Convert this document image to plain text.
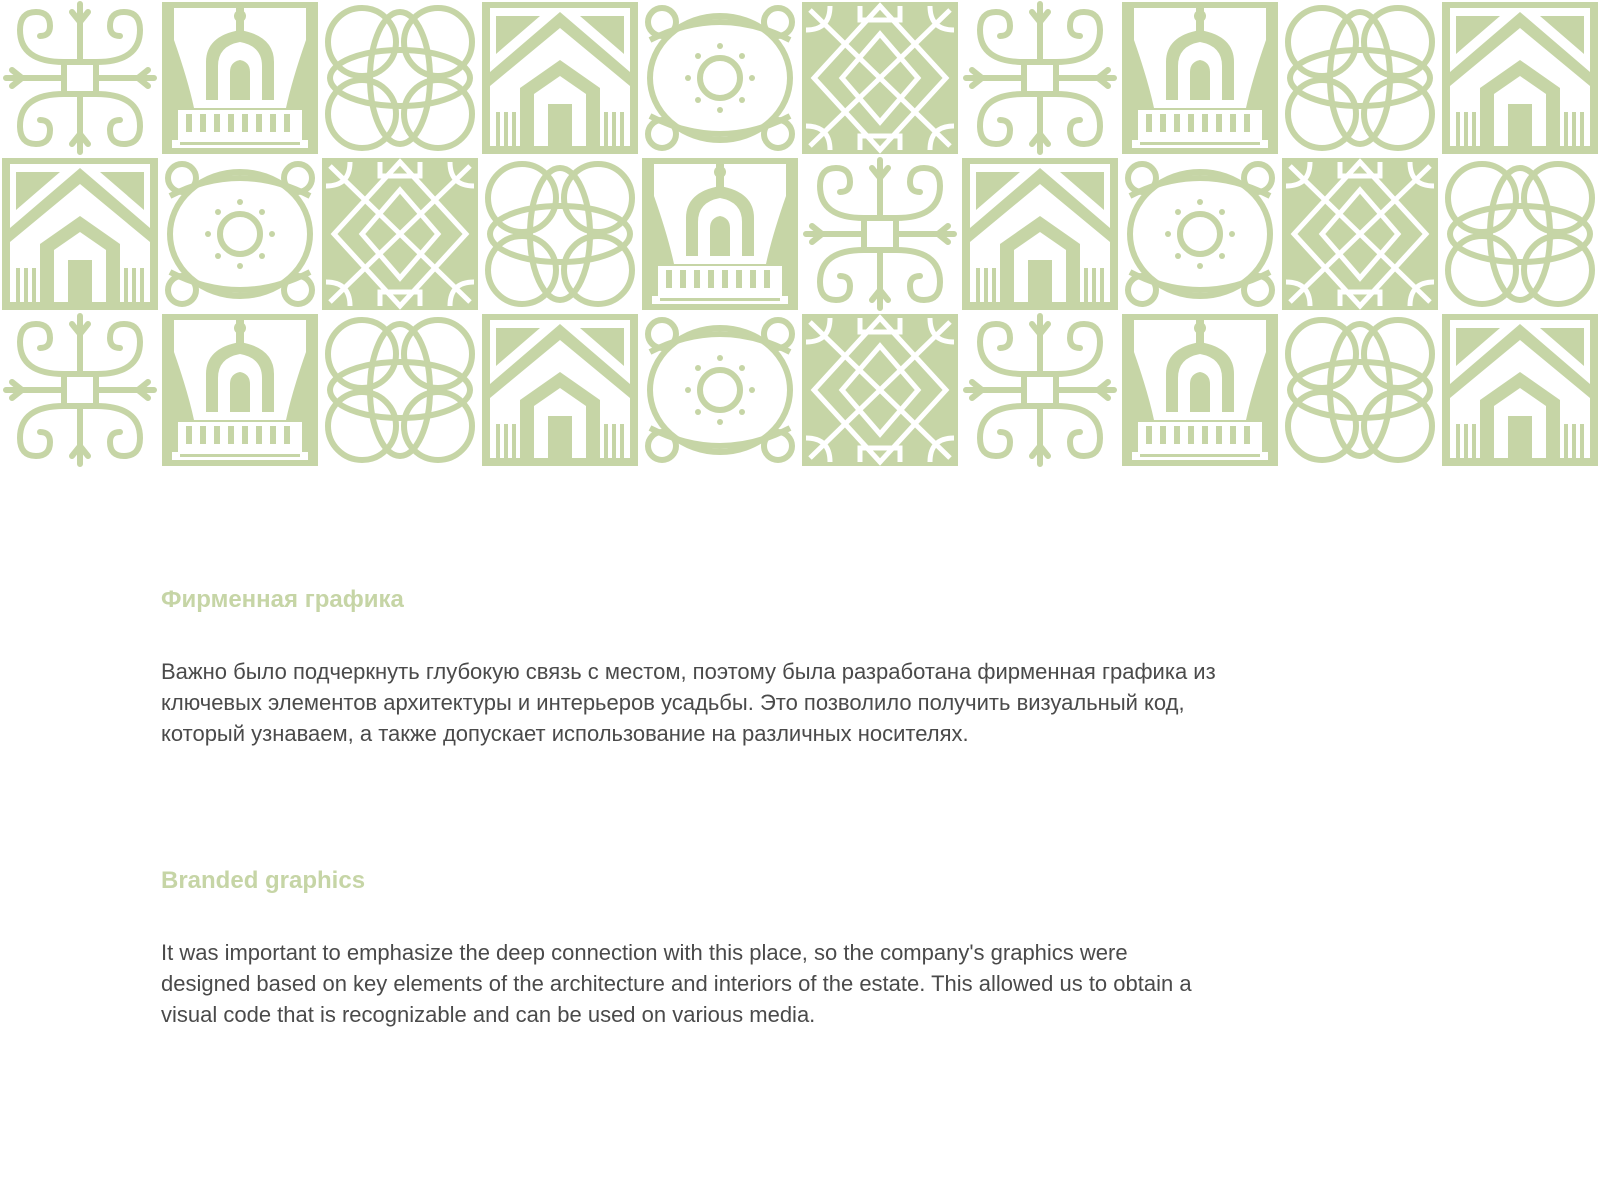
Фирменная графика

Важно было подчеркнуть глубокую связь с местом, поэтому была разработана фирменная графика из ключевых элементов архитектуры и интерьеров усадьбы. Это позволило получить визуальный код, который узнаваем, а также допускает использование на различных носителях.

Branded graphics

It was important to emphasize the deep connection with this place, so the company's graphics were designed based on key elements of the architecture and interiors of the estate. This allowed us to obtain a visual code that is recognizable and can be used on various media.
